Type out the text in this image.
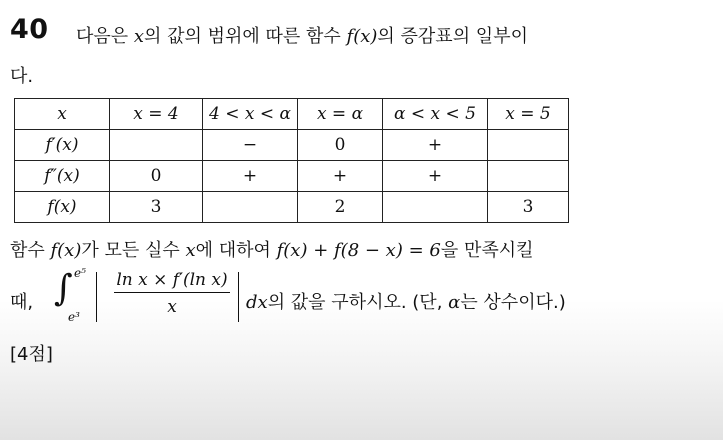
40 다음은 x의 값의 범위에 따른 함수 f(x)의 증감표의 일부이
다.
x	x = 4	4 < x < α	x = α	α < x < 5	x = 5
f′(x)		−	0	+	
f″(x)	0	+	+	+	
f(x)	3		2		3
함수 f(x)가 모든 실수 x에 대하여 f(x) + f(8 − x) = 6을 만족시킬
때, ∫ e⁵
e³
ln x × f′(ln x)
x	dx의 값을 구하시오. (단, α는 상수이다.)
[4점]
